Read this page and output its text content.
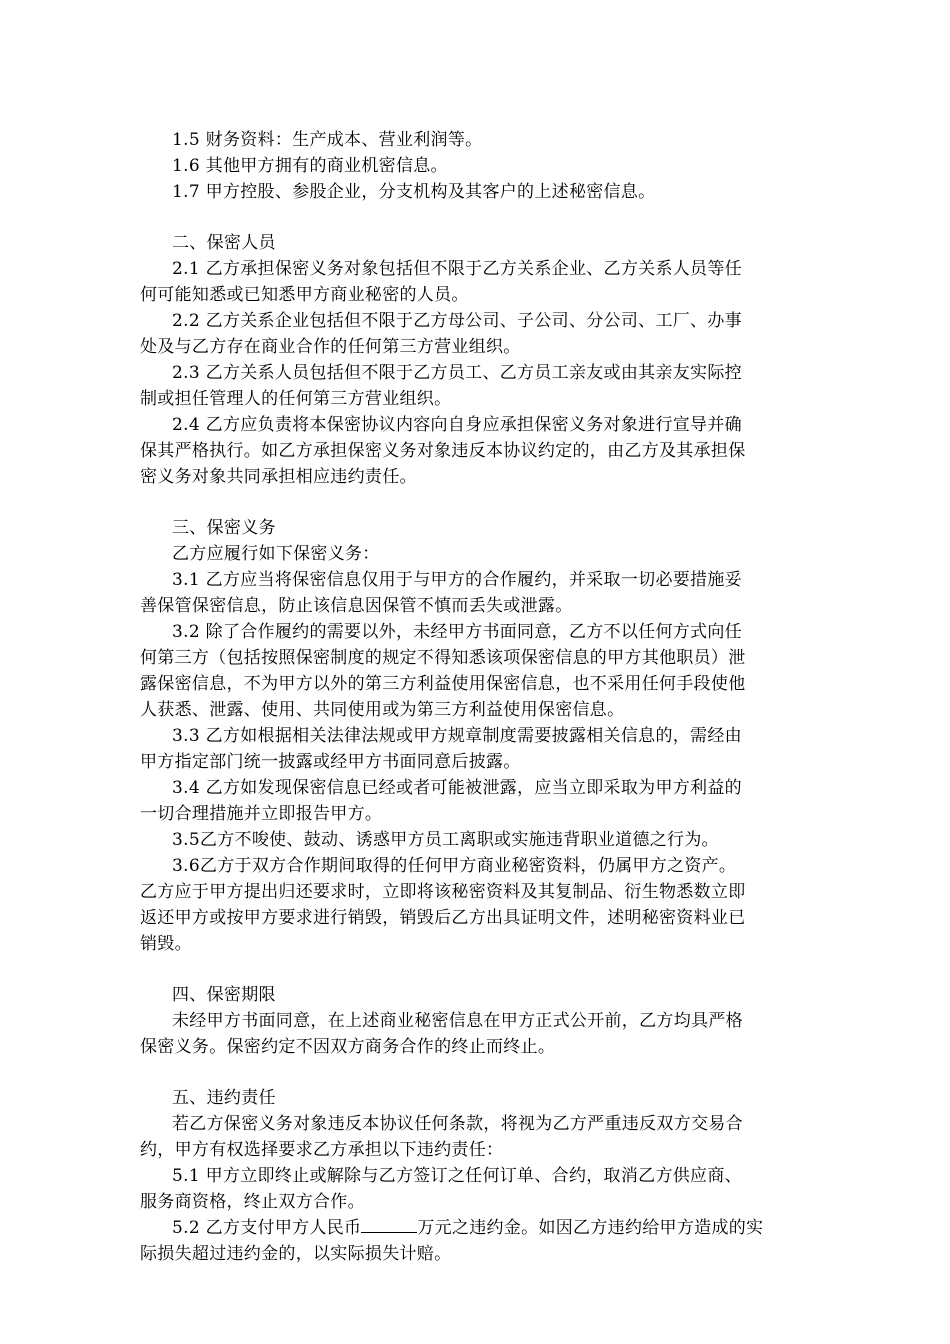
1.5 财务资料：生产成本、营业利润等。
1.6 其他甲方拥有的商业机密信息。
1.7 甲方控股、参股企业，分支机构及其客户的上述秘密信息。
二、保密人员
2.1 乙方承担保密义务对象包括但不限于乙方关系企业、乙方关系人员等任
何可能知悉或已知悉甲方商业秘密的人员。
2.2 乙方关系企业包括但不限于乙方母公司、子公司、分公司、工厂、办事
处及与乙方存在商业合作的任何第三方营业组织。
2.3 乙方关系人员包括但不限于乙方员工、乙方员工亲友或由其亲友实际控
制或担任管理人的任何第三方营业组织。
2.4 乙方应负责将本保密协议内容向自身应承担保密义务对象进行宣导并确
保其严格执行。如乙方承担保密义务对象违反本协议约定的，由乙方及其承担保
密义务对象共同承担相应违约责任。
三、保密义务
乙方应履行如下保密义务：
3.1 乙方应当将保密信息仅用于与甲方的合作履约，并采取一切必要措施妥
善保管保密信息，防止该信息因保管不慎而丢失或泄露。
3.2 除了合作履约的需要以外，未经甲方书面同意，乙方不以任何方式向任
何第三方（包括按照保密制度的规定不得知悉该项保密信息的甲方其他职员）泄
露保密信息，不为甲方以外的第三方利益使用保密信息，也不采用任何手段使他
人获悉、泄露、使用、共同使用或为第三方利益使用保密信息。
3.3 乙方如根据相关法律法规或甲方规章制度需要披露相关信息的，需经由
甲方指定部门统一披露或经甲方书面同意后披露。
3.4 乙方如发现保密信息已经或者可能被泄露，应当立即采取为甲方利益的
一切合理措施并立即报告甲方。
3.5乙方不唆使、鼓动、诱惑甲方员工离职或实施违背职业道德之行为。
3.6乙方于双方合作期间取得的任何甲方商业秘密资料，仍属甲方之资产。
乙方应于甲方提出归还要求时，立即将该秘密资料及其复制品、衍生物悉数立即
返还甲方或按甲方要求进行销毁，销毁后乙方出具证明文件，述明秘密资料业已
销毁。
四、保密期限
未经甲方书面同意，在上述商业秘密信息在甲方正式公开前，乙方均具严格
保密义务。保密约定不因双方商务合作的终止而终止。
五、违约责任
若乙方保密义务对象违反本协议任何条款，将视为乙方严重违反双方交易合
约，甲方有权选择要求乙方承担以下违约责任：
5.1 甲方立即终止或解除与乙方签订之任何订单、合约，取消乙方供应商、
服务商资格，终止双方合作。
5.2 乙方支付甲方人民币	万元之违约金。如因乙方违约给甲方造成的实
际损失超过违约金的，以实际损失计赔。
